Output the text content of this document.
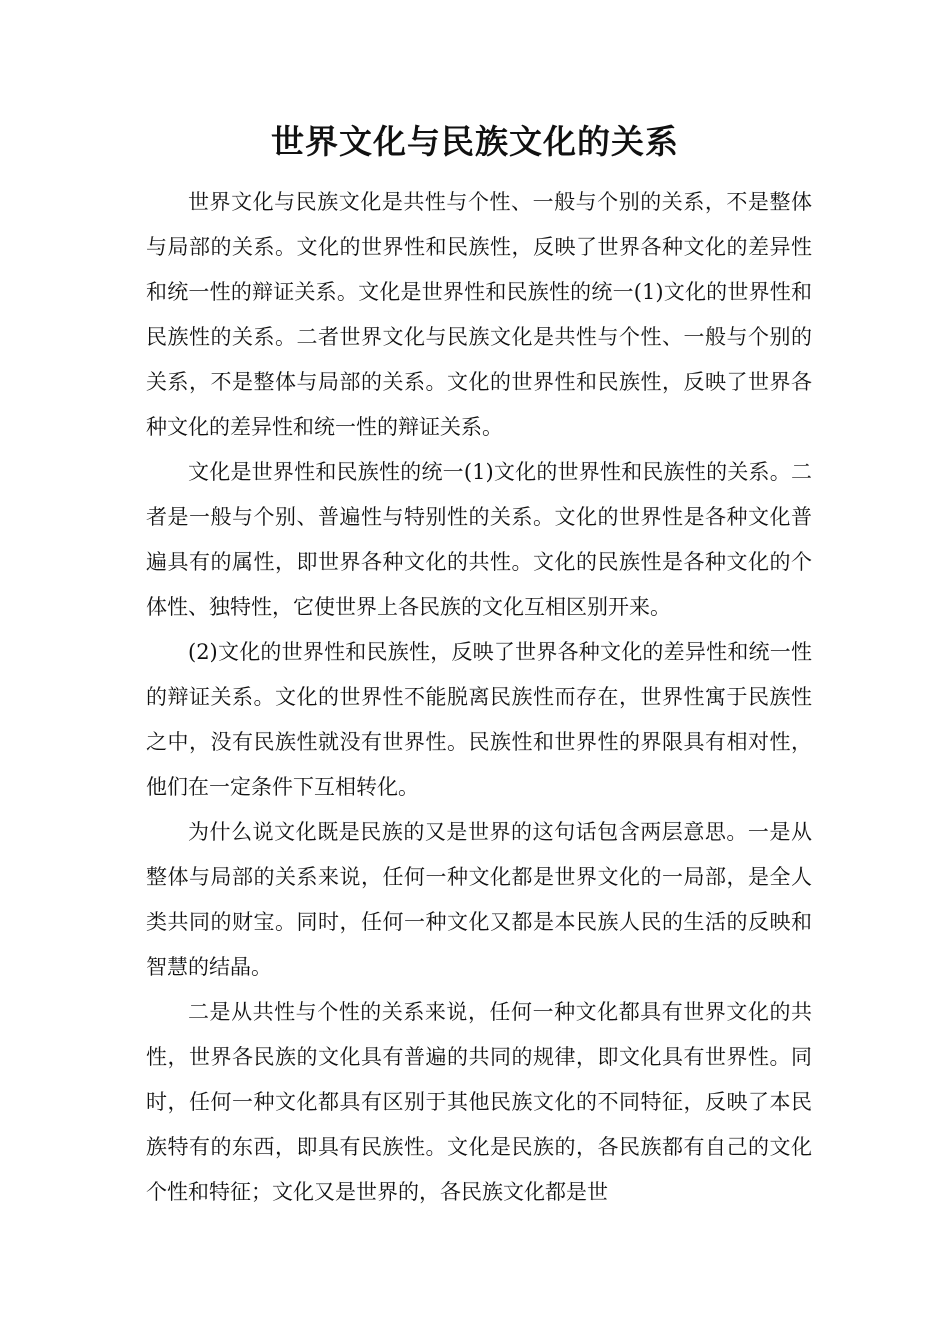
世界文化与民族文化的关系

世界文化与民族文化是共性与个性、一般与个别的关系，不是整体与局部的关系。文化的世界性和民族性，反映了世界各种文化的差异性和统一性的辩证关系。文化是世界性和民族性的统一(1)文化的世界性和民族性的关系。二者世界文化与民族文化是共性与个性、一般与个别的关系，不是整体与局部的关系。文化的世界性和民族性，反映了世界各种文化的差异性和统一性的辩证关系。

文化是世界性和民族性的统一(1)文化的世界性和民族性的关系。二者是一般与个别、普遍性与特别性的关系。文化的世界性是各种文化普遍具有的属性，即世界各种文化的共性。文化的民族性是各种文化的个体性、独特性，它使世界上各民族的文化互相区别开来。

(2)文化的世界性和民族性，反映了世界各种文化的差异性和统一性的辩证关系。文化的世界性不能脱离民族性而存在，世界性寓于民族性之中，没有民族性就没有世界性。民族性和世界性的界限具有相对性，他们在一定条件下互相转化。

为什么说文化既是民族的又是世界的这句话包含两层意思。一是从整体与局部的关系来说，任何一种文化都是世界文化的一局部，是全人类共同的财宝。同时，任何一种文化又都是本民族人民的生活的反映和智慧的结晶。

二是从共性与个性的关系来说，任何一种文化都具有世界文化的共性，世界各民族的文化具有普遍的共同的规律，即文化具有世界性。同时，任何一种文化都具有区别于其他民族文化的不同特征，反映了本民族特有的东西，即具有民族性。文化是民族的，各民族都有自己的文化个性和特征；文化又是世界的，各民族文化都是世
